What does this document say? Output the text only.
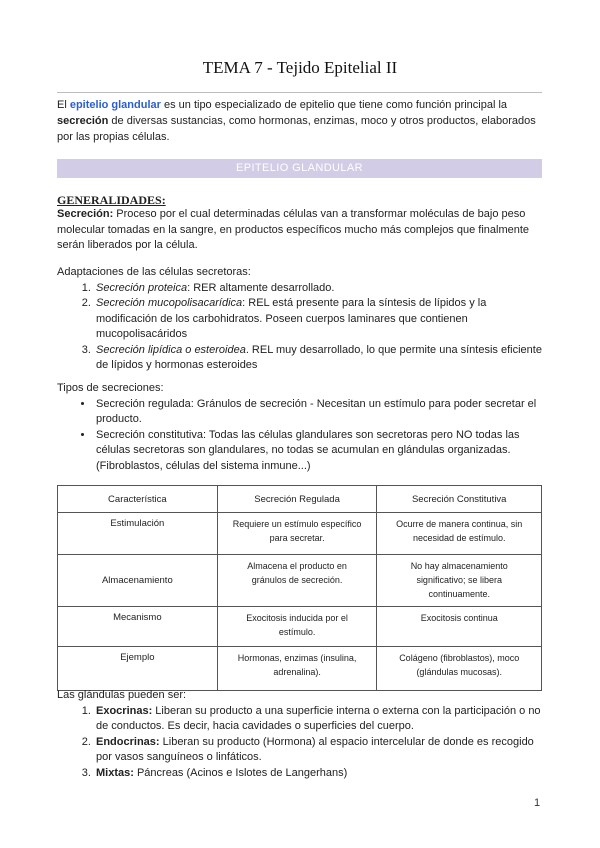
TEMA 7 - Tejido Epitelial II
El epitelio glandular es un tipo especializado de epitelio que tiene como función principal la secreción de diversas sustancias, como hormonas, enzimas, moco y otros productos, elaborados por las propias células.
EPITELIO GLANDULAR
GENERALIDADES:
Secreción: Proceso por el cual determinadas células van a transformar moléculas de bajo peso molecular tomadas en la sangre, en productos específicos mucho más complejos que finalmente serán liberados por la célula.
Adaptaciones de las células secretoras:
1. Secreción proteica: RER altamente desarrollado.
2. Secreción mucopolisacarídica: REL está presente para la síntesis de lípidos y la modificación de los carbohidratos. Poseen cuerpos laminares que contienen mucopolisacáridos
3. Secreción lipídica o esteroidea. REL muy desarrollado, lo que permite una síntesis eficiente de lípidos y hormonas esteroides
Tipos de secreciones:
• Secreción regulada: Gránulos de secreción - Necesitan un estímulo para poder secretar el producto.
• Secreción constitutiva: Todas las células glandulares son secretoras pero NO todas las células secretoras son glandulares, no todas se acumulan en glándulas organizadas. (Fibroblastos, células del sistema inmune...)
Característica	Secreción Regulada	Secreción Constitutiva
Estimulación	Requiere un estímulo específico para secretar.	Ocurre de manera continua, sin necesidad de estímulo.
Almacenamiento	Almacena el producto en gránulos de secreción.	No hay almacenamiento significativo; se libera continuamente.
Mecanismo	Exocitosis inducida por el estímulo.	Exocitosis continua
Ejemplo	Hormonas, enzimas (insulina, adrenalina).	Colágeno (fibroblastos), moco (glándulas mucosas).
Las glándulas pueden ser:
1. Exocrinas: Liberan su producto a una superficie interna o externa con la participación o no de conductos. Es decir, hacia cavidades o superficies del cuerpo.
2. Endocrinas: Liberan su producto (Hormona) al espacio intercelular de donde es recogido por vasos sanguíneos o linfáticos.
3. Mixtas: Páncreas (Acinos e Islotes de Langerhans)
1
